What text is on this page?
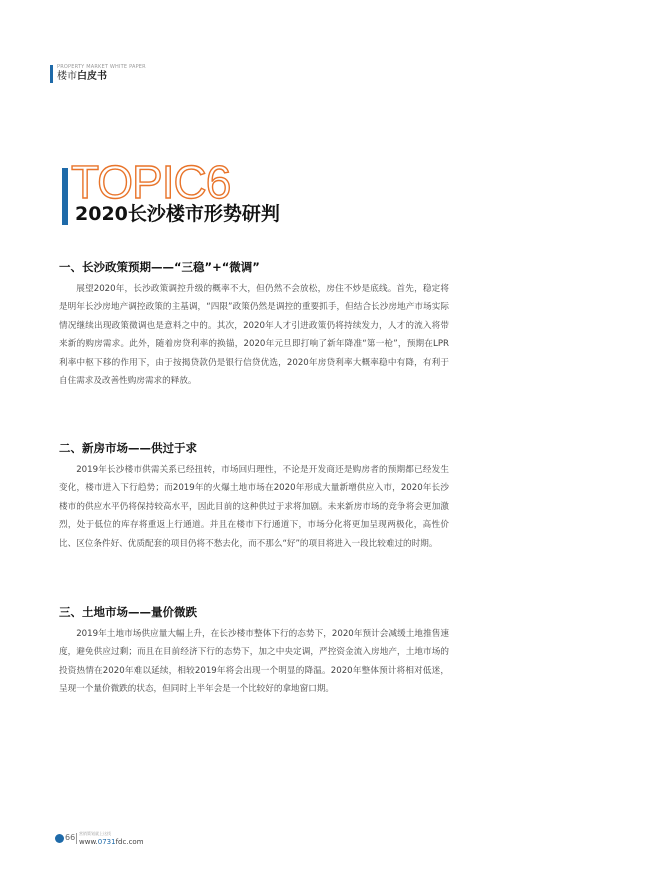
PROPERTY MARKET WHITE PAPER
楼市白皮书
TOPIC6
2020长沙楼市形势研判
一、长沙政策预期——“三稳”+“微调”

展望2020年，长沙政策调控升级的概率不大，但仍然不会放松，房住不炒是底线。首先，稳定将是明年长沙房地产调控政策的主基调，“四限”政策仍然是调控的重要抓手，但结合长沙房地产市场实际情况继续出现政策微调也是意料之中的。其次，2020年人才引进政策仍将持续发力，人才的流入将带来新的购房需求。此外，随着房贷利率的换锚，2020年元旦即打响了新年降准“第一枪”，预期在LPR利率中枢下移的作用下，由于按揭贷款仍是银行信贷优选，2020年房贷利率大概率稳中有降，有利于自住需求及改善性购房需求的释放。

二、新房市场——供过于求

2019年长沙楼市供需关系已经扭转，市场回归理性，不论是开发商还是购房者的预期都已经发生变化，楼市进入下行趋势；而2019年的火爆土地市场在2020年形成大量新增供应入市，2020年长沙楼市的供应水平仍将保持较高水平，因此目前的这种供过于求将加剧。未来新房市场的竞争将会更加激烈，处于低位的库存将重返上行通道。并且在楼市下行通道下，市场分化将更加呈现两极化，高性价比、区位条件好、优质配套的项目仍将不愁去化，而不那么“好”的项目将进入一段比较难过的时期。

三、土地市场——量价微跌

2019年土地市场供应量大幅上升，在长沙楼市整体下行的态势下，2020年预计会减缓土地推售速度，避免供应过剩；而且在目前经济下行的态势下，加之中央定调，严控资金流入房地产，土地市场的投资热情在2020年难以延续，相较2019年将会出现一个明显的降温。2020年整体预计将相对低迷，呈现一个量价微跌的状态，但同时上半年会是一个比较好的拿地窗口期。

66 营销策划就上这找
www.0731fdc.com
